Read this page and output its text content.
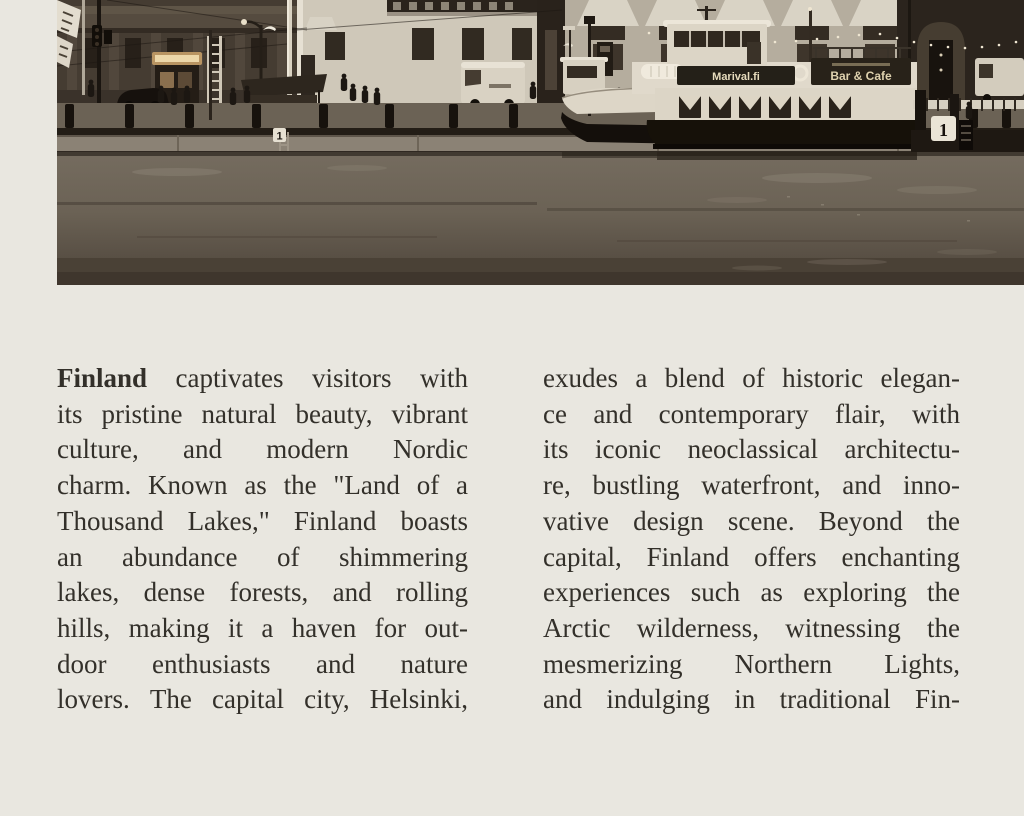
1
Marival.fi	Bar & Cafe
1
Finland captivates visitors with
its pristine natural beauty, vibrant
culture, and modern Nordic
charm. Known as the "Land of a
Thousand Lakes," Finland boasts
an abundance of shimmering
lakes, dense forests, and rolling
hills, making it a haven for out-
door enthusiasts and nature
lovers. The capital city, Helsinki,
exudes a blend of historic elegan-
ce and contemporary flair, with
its iconic neoclassical architectu-
re, bustling waterfront, and inno-
vative design scene. Beyond the
capital, Finland offers enchanting
experiences such as exploring the
Arctic wilderness, witnessing the
mesmerizing Northern Lights,
and indulging in traditional Fin-
